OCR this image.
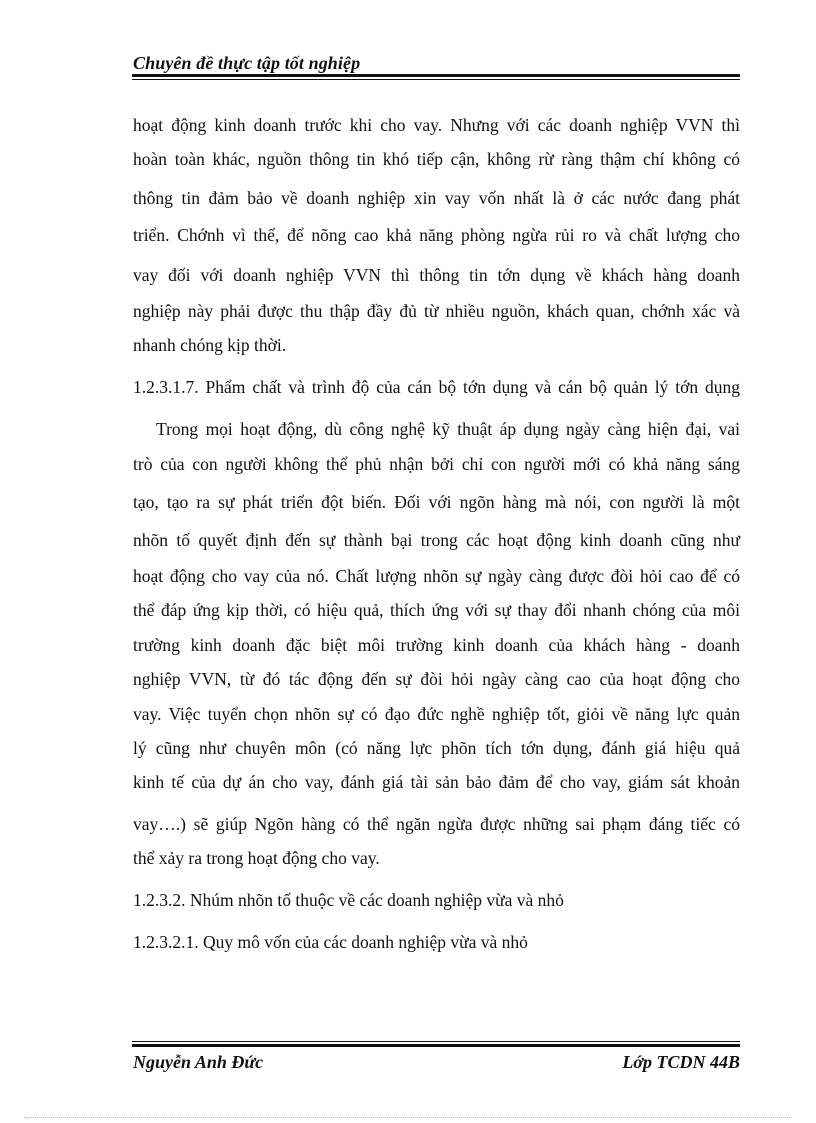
Chuyên đề thực tập tốt nghiệp
hoạt động kinh doanh trước khi cho vay. Nhưng với các doanh nghiệp VVN thì
hoàn toàn khác, nguồn thông tin khó tiếp cận, không rừ ràng thậm chí không có
thông tin đảm bảo về doanh nghiệp xin vay vốn nhất là ở các nước đang phát
triển. Chớnh vì thế, để nõng cao khả năng phòng ngừa rủi ro và chất lượng cho
vay đối với doanh nghiệp VVN thì thông tin tớn dụng về khách hàng doanh
nghiệp này phải được thu thập đầy đủ từ nhiều nguồn, khách quan, chớnh xác và
nhanh chóng kịp thời.
1.2.3.1.7. Phẩm chất và trình độ của cán bộ tớn dụng và cán bộ quản lý tớn dụng
Trong mọi hoạt động, dù công nghệ kỹ thuật áp dụng ngày càng hiện đại, vai
trò của con người không thể phủ nhận bởi chỉ con người mới có khả năng sáng
tạo, tạo ra sự phát triển đột biến. Đối với ngõn hàng mà nói, con người là một
nhõn tố quyết định đến sự thành bại trong các hoạt động kinh doanh cũng như
hoạt động cho vay của nó. Chất lượng nhõn sự ngày càng được đòi hỏi cao để có
thể đáp ứng kịp thời, có hiệu quả, thích ứng với sự thay đổi nhanh chóng của môi
trường kinh doanh đặc biệt môi trường kinh doanh của khách hàng - doanh
nghiệp VVN, từ đó tác động đến sự đòi hỏi ngày càng cao của hoạt động cho
vay. Việc tuyển chọn nhõn sự có đạo đức nghề nghiệp tốt, giỏi về năng lực quản
lý cũng như chuyên môn (có năng lực phõn tích tớn dụng, đánh giá hiệu quả
kinh tế của dự án cho vay, đánh giá tài sản bảo đảm để cho vay, giám sát khoản
vay….) sẽ giúp Ngõn hàng có thể ngăn ngừa được những sai phạm đáng tiếc có
thể xảy ra trong hoạt động cho vay.
1.2.3.2. Nhúm nhõn tố thuộc về các doanh nghiệp vừa và nhỏ
1.2.3.2.1. Quy mô vốn của các doanh nghiệp vừa và nhỏ
Nguyễn Anh Đức	Lớp TCDN 44B
